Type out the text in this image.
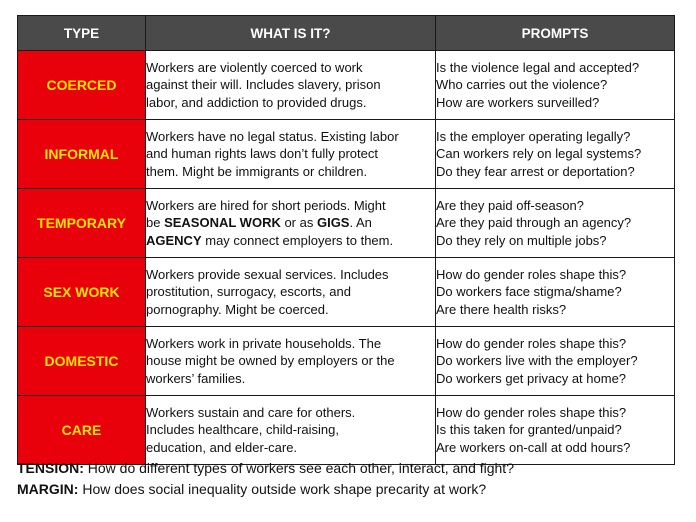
TYPE	WHAT IS IT?	PROMPTS
COERCED	Workers are violently coerced to work
against their will. Includes slavery, prison
labor, and addiction to provided drugs.	Is the violence legal and accepted?
Who carries out the violence?
How are workers surveilled?

INFORMAL	Workers have no legal status. Existing labor
and human rights laws don’t fully protect
them. Might be immigrants or children.	Is the employer operating legally?
Can workers rely on legal systems?
Do they fear arrest or deportation?

TEMPORARY	Workers are hired for short periods. Might
be SEASONAL WORK or as GIGS. An
AGENCY may connect employers to them.	Are they paid off-season?
Are they paid through an agency?
Do they rely on multiple jobs?

SEX WORK	Workers provide sexual services. Includes
prostitution, surrogacy, escorts, and
pornography. Might be coerced.	How do gender roles shape this?
Do workers face stigma/shame?
Are there health risks?

DOMESTIC	Workers work in private households. The
house might be owned by employers or the
workers’ families.	How do gender roles shape this?
Do workers live with the employer?
Do workers get privacy at home?

CARE	Workers sustain and care for others.
Includes healthcare, child-raising,
education, and elder-care.	How do gender roles shape this?
Is this taken for granted/unpaid?
Are workers on-call at odd hours?
TENSION: How do different types of workers see each other, interact, and fight?
MARGIN: How does social inequality outside work shape precarity at work?
